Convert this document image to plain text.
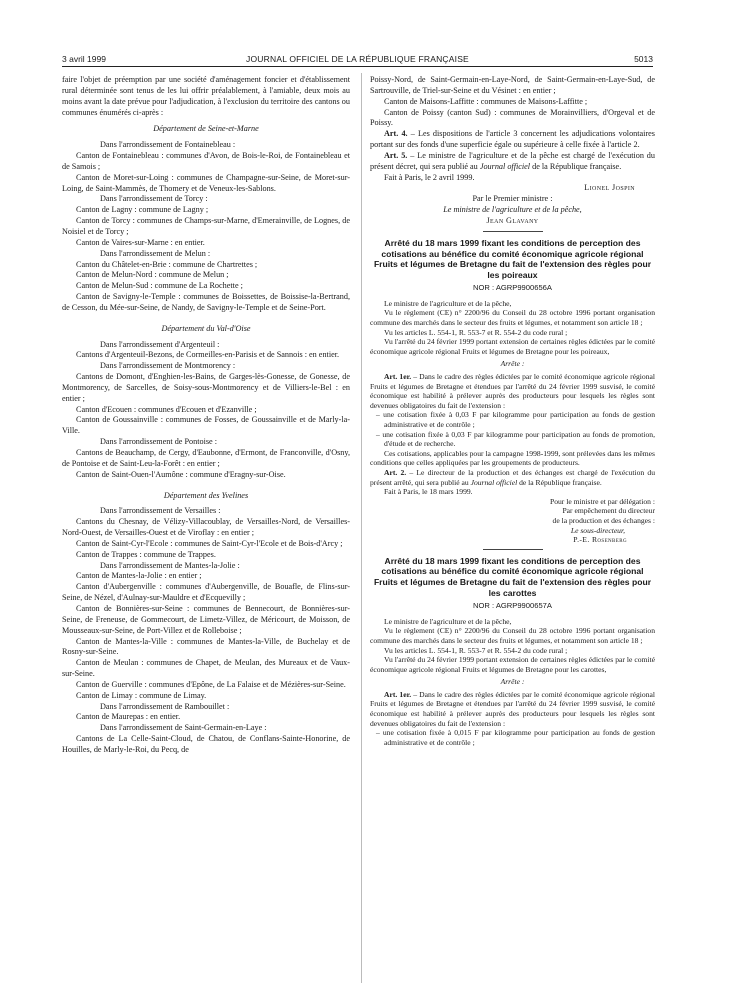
3 avril 1999	JOURNAL OFFICIEL DE LA RÉPUBLIQUE FRANÇAISE	5013

faire l'objet de préemption par une société d'aménagement foncier et d'établissement rural déterminée sont tenus de les lui offrir préalablement, à l'amiable, deux mois au moins avant la date prévue pour l'adjudication, à l'exclusion du territoire des cantons ou communes énumérés ci-après :

Département de Seine-et-Marne

Dans l'arrondissement de Fontainebleau :

Canton de Fontainebleau : communes d'Avon, de Bois-le-Roi, de Fontainebleau et de Samois ;

Canton de Moret-sur-Loing : communes de Champagne-sur-Seine, de Moret-sur-Loing, de Saint-Mammès, de Thomery et de Veneux-les-Sablons.

Dans l'arrondissement de Torcy :

Canton de Lagny : commune de Lagny ;

Canton de Torcy : communes de Champs-sur-Marne, d'Emerainville, de Lognes, de Noisiel et de Torcy ;

Canton de Vaires-sur-Marne : en entier.

Dans l'arrondissement de Melun :

Canton du Châtelet-en-Brie : commune de Chartrettes ;

Canton de Melun-Nord : commune de Melun ;

Canton de Melun-Sud : commune de La Rochette ;

Canton de Savigny-le-Temple : communes de Boissettes, de Boissise-la-Bertrand, de Cesson, du Mée-sur-Seine, de Nandy, de Savigny-le-Temple et de Seine-Port.

Département du Val-d'Oise

Dans l'arrondissement d'Argenteuil :

Cantons d'Argenteuil-Bezons, de Cormeilles-en-Parisis et de Sannois : en entier.

Dans l'arrondissement de Montmorency :

Cantons de Domont, d'Enghien-les-Bains, de Garges-lès-Gonesse, de Gonesse, de Montmorency, de Sarcelles, de Soisy-sous-Montmorency et de Villiers-le-Bel : en entier ;

Canton d'Ecouen : communes d'Ecouen et d'Ezanville ;

Canton de Goussainville : communes de Fosses, de Goussainville et de Marly-la-Ville.

Dans l'arrondissement de Pontoise :

Cantons de Beauchamp, de Cergy, d'Eaubonne, d'Ermont, de Franconville, d'Osny, de Pontoise et de Saint-Leu-la-Forêt : en entier ;

Canton de Saint-Ouen-l'Aumône : commune d'Eragny-sur-Oise.

Département des Yvelines

Dans l'arrondissement de Versailles :

Cantons du Chesnay, de Vélizy-Villacoublay, de Versailles-Nord, de Versailles-Nord-Ouest, de Versailles-Ouest et de Viroflay : en entier ;

Canton de Saint-Cyr-l'Ecole : communes de Saint-Cyr-l'Ecole et de Bois-d'Arcy ;

Canton de Trappes : commune de Trappes.

Dans l'arrondissement de Mantes-la-Jolie :

Canton de Mantes-la-Jolie : en entier ;

Canton d'Aubergenville : communes d'Aubergenville, de Bouafle, de Flins-sur-Seine, de Nézel, d'Aulnay-sur-Mauldre et d'Ecquevilly ;

Canton de Bonnières-sur-Seine : communes de Bennecourt, de Bonnières-sur-Seine, de Freneuse, de Gommecourt, de Limetz-Villez, de Méricourt, de Moisson, de Mousseaux-sur-Seine, de Port-Villez et de Rolleboise ;

Canton de Mantes-la-Ville : communes de Mantes-la-Ville, de Buchelay et de Rosny-sur-Seine.

Canton de Meulan : communes de Chapet, de Meulan, des Mureaux et de Vaux-sur-Seine.

Canton de Guerville : communes d'Epône, de La Falaise et de Mézières-sur-Seine.

Canton de Limay : commune de Limay.

Dans l'arrondissement de Rambouillet :

Canton de Maurepas : en entier.

Dans l'arrondissement de Saint-Germain-en-Laye :

Cantons de La Celle-Saint-Cloud, de Chatou, de Conflans-Sainte-Honorine, de Houilles, de Marly-le-Roi, du Pecq, de

Poissy-Nord, de Saint-Germain-en-Laye-Nord, de Saint-Germain-en-Laye-Sud, de Sartrouville, de Triel-sur-Seine et du Vésinet : en entier ;

Canton de Maisons-Laffitte : communes de Maisons-Laffitte ;

Canton de Poissy (canton Sud) : communes de Morainvilliers, d'Orgeval et de Poissy.

Art. 4. – Les dispositions de l'article 3 concernent les adjudications volontaires portant sur des fonds d'une superficie égale ou supérieure à celle fixée à l'article 2.

Art. 5. – Le ministre de l'agriculture et de la pêche est chargé de l'exécution du présent décret, qui sera publié au Journal officiel de la République française.

Fait à Paris, le 2 avril 1999.

Lionel Jospin

Par le Premier ministre :

Le ministre de l'agriculture et de la pêche,

Jean Glavany

Arrêté du 18 mars 1999 fixant les conditions de perception des cotisations au bénéfice du comité économique agricole régional Fruits et légumes de Bretagne du fait de l'extension des règles pour les poireaux

NOR : AGRP9900656A

Le ministre de l'agriculture et de la pêche,

Vu le règlement (CE) n° 2200/96 du Conseil du 28 octobre 1996 portant organisation commune des marchés dans le secteur des fruits et légumes, et notamment son article 18 ;

Vu les articles L. 554-1, R. 553-7 et R. 554-2 du code rural ;

Vu l'arrêté du 24 février 1999 portant extension de certaines règles édictées par le comité économique agricole régional Fruits et légumes de Bretagne pour les poireaux,

Arrête :

Art. 1er. – Dans le cadre des règles édictées par le comité économique agricole régional Fruits et légumes de Bretagne et étendues par l'arrêté du 24 février 1999 susvisé, le comité économique est habilité à prélever auprès des producteurs pour lesquels les règles sont devenues obligatoires du fait de l'extension :

– une cotisation fixée à 0,03 F par kilogramme pour participation au fonds de gestion administrative et de contrôle ;

– une cotisation fixée à 0,03 F par kilogramme pour participation au fonds de promotion, d'étude et de recherche.

Ces cotisations, applicables pour la campagne 1998-1999, sont prélevées dans les mêmes conditions que celles appliquées par les groupements de producteurs.

Art. 2. – Le directeur de la production et des échanges est chargé de l'exécution du présent arrêté, qui sera publié au Journal officiel de la République française.

Fait à Paris, le 18 mars 1999.

Pour le ministre et par délégation :

Par empêchement du directeur

de la production et des échanges :

Le sous-directeur,

P.-E. Rosenberg

Arrêté du 18 mars 1999 fixant les conditions de perception des cotisations au bénéfice du comité économique agricole régional Fruits et légumes de Bretagne du fait de l'extension des règles pour les carottes

NOR : AGRP9900657A

Le ministre de l'agriculture et de la pêche,

Vu le règlement (CE) n° 2200/96 du Conseil du 28 octobre 1996 portant organisation commune des marchés dans le secteur des fruits et légumes, et notamment son article 18 ;

Vu les articles L. 554-1, R. 553-7 et R. 554-2 du code rural ;

Vu l'arrêté du 24 février 1999 portant extension de certaines règles édictées par le comité économique agricole régional Fruits et légumes de Bretagne pour les carottes,

Arrête :

Art. 1er. – Dans le cadre des règles édictées par le comité économique agricole régional Fruits et légumes de Bretagne et étendues par l'arrêté du 24 février 1999 susvisé, le comité économique est habilité à prélever auprès des producteurs pour lesquels les règles sont devenues obligatoires du fait de l'extension :

– une cotisation fixée à 0,015 F par kilogramme pour participation au fonds de gestion administrative et de contrôle ;
